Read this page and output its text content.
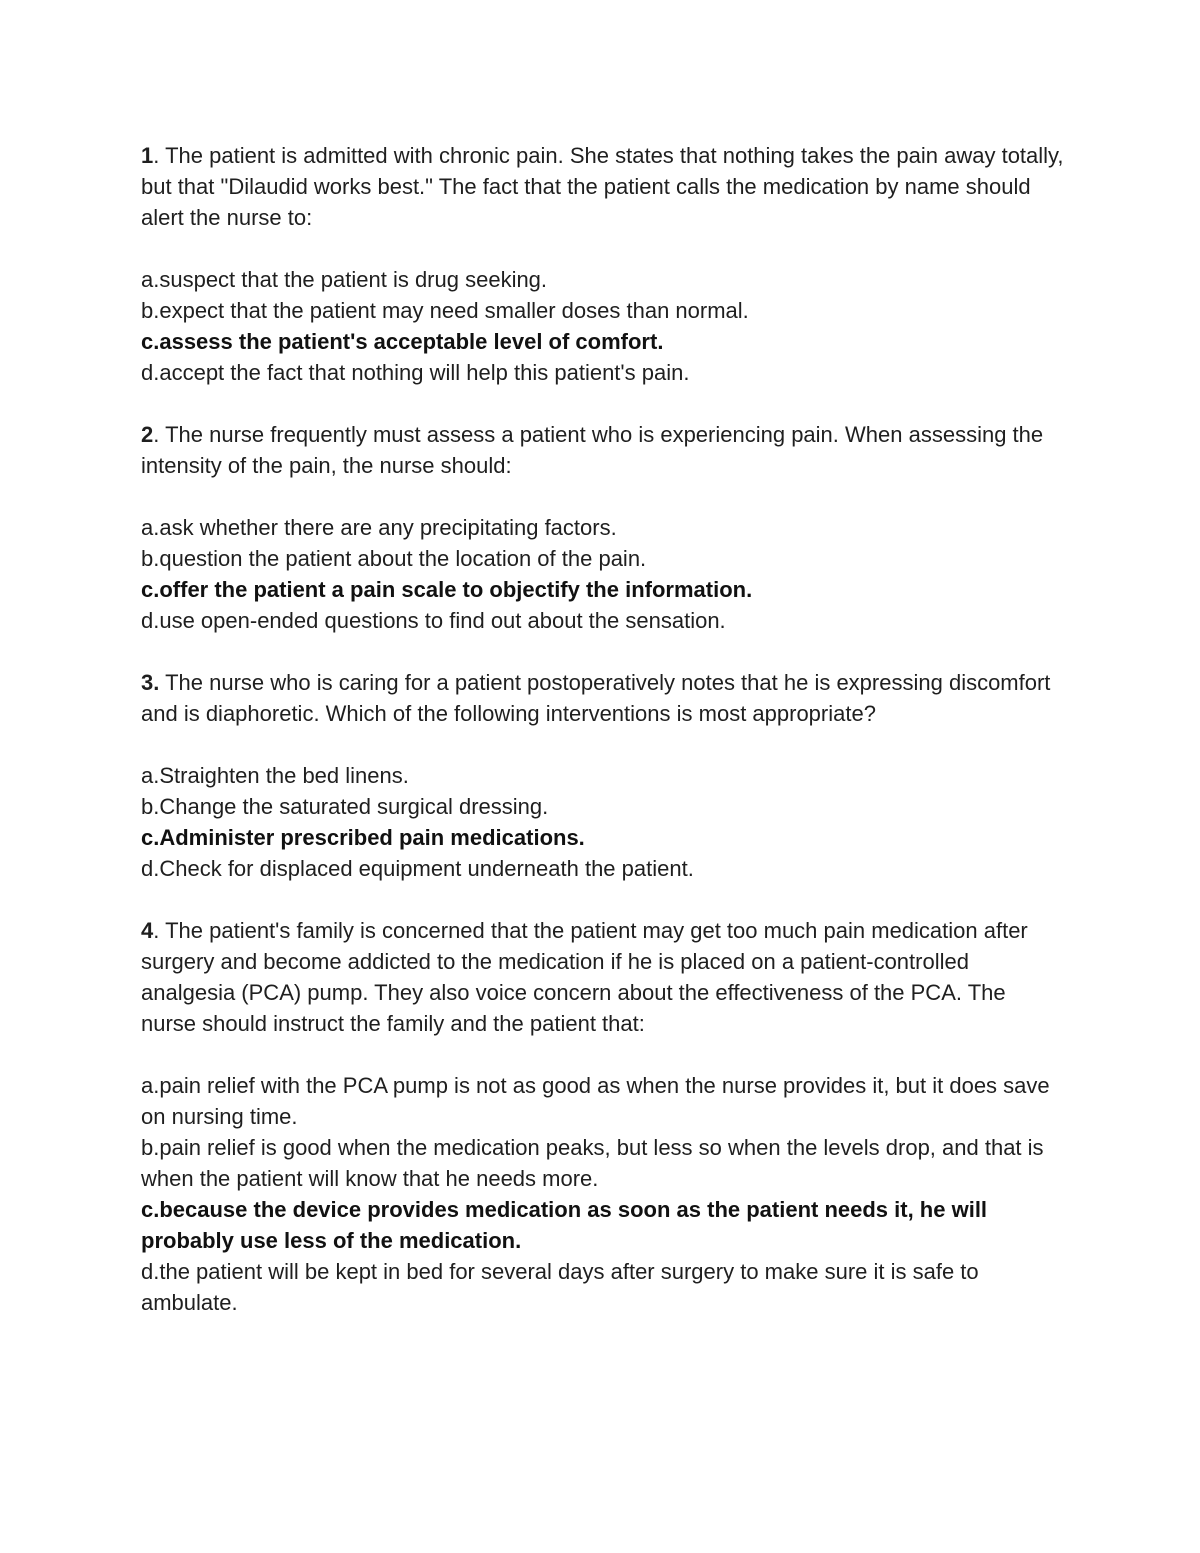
1. The patient is admitted with chronic pain. She states that nothing takes the pain away totally, but that "Dilaudid works best." The fact that the patient calls the medication by name should alert the nurse to:

a.suspect that the patient is drug seeking.

b.expect that the patient may need smaller doses than normal.

c.assess the patient's acceptable level of comfort.

d.accept the fact that nothing will help this patient's pain.

2. The nurse frequently must assess a patient who is experiencing pain. When assessing the intensity of the pain, the nurse should:

a.ask whether there are any precipitating factors.

b.question the patient about the location of the pain.

c.offer the patient a pain scale to objectify the information.

d.use open-ended questions to find out about the sensation.

3. The nurse who is caring for a patient postoperatively notes that he is expressing discomfort and is diaphoretic. Which of the following interventions is most appropriate?

a.Straighten the bed linens.

b.Change the saturated surgical dressing.

c.Administer prescribed pain medications.

d.Check for displaced equipment underneath the patient.

4. The patient's family is concerned that the patient may get too much pain medication after surgery and become addicted to the medication if he is placed on a patient-controlled analgesia (PCA) pump. They also voice concern about the effectiveness of the PCA. The nurse should instruct the family and the patient that:

a.pain relief with the PCA pump is not as good as when the nurse provides it, but it does save on nursing time.

b.pain relief is good when the medication peaks, but less so when the levels drop, and that is when the patient will know that he needs more.

c.because the device provides medication as soon as the patient needs it, he will probably use less of the medication.

d.the patient will be kept in bed for several days after surgery to make sure it is safe to ambulate.
